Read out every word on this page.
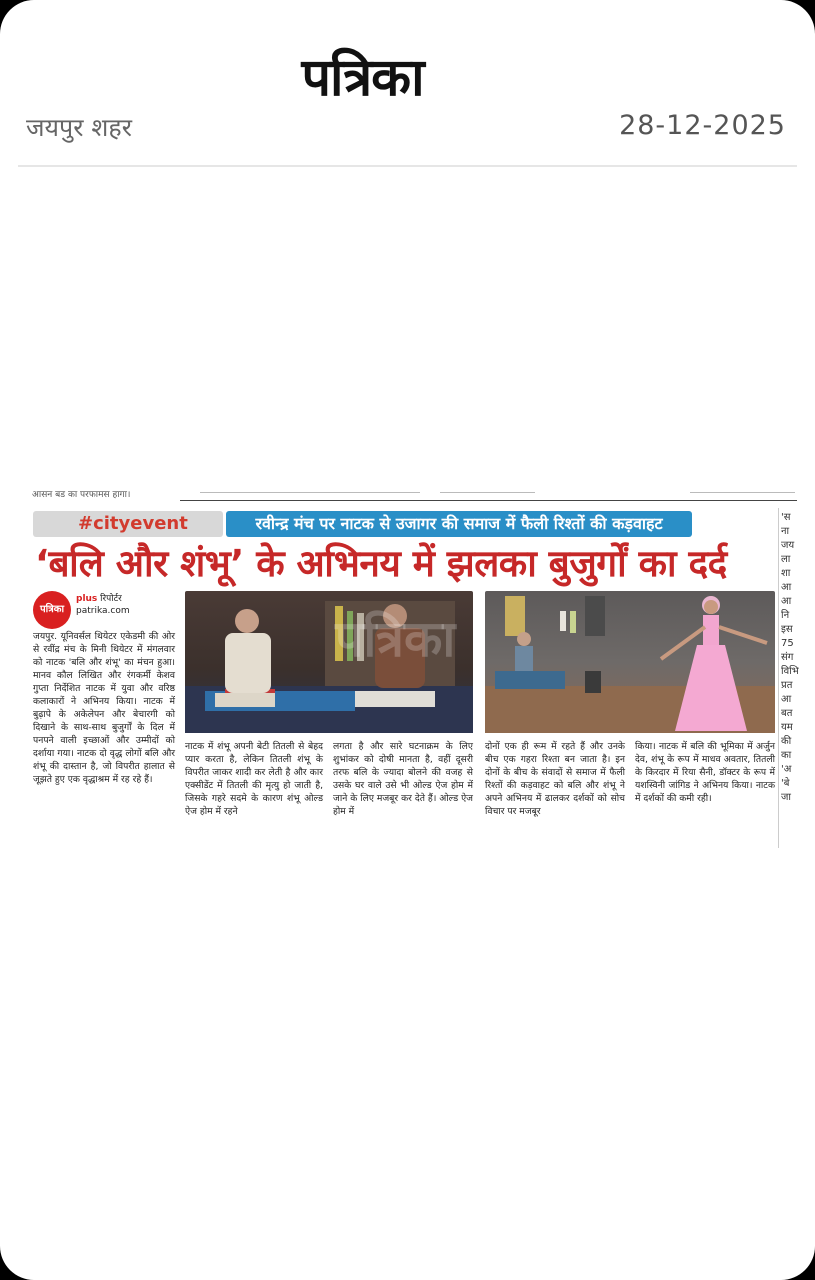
पत्रिका
जयपुर शहर	28-12-2025
आसन बड का परफामस हागा।
#cityevent	रवीन्द्र मंच पर नाटक से उजागर की समाज में फैली रिश्तों की कड़वाहट
‘बलि और शंभू’ के अभिनय में झलका बुजुर्गों का दर्द
पत्रिका
plus रिपोर्टर
patrika.com	पत्रिका
जयपुर. यूनिवर्सल थियेटर एकेडमी की ओर से रवींद्र मंच के मिनी थियेटर में मंगलवार को नाटक 'बलि और शंभू' का मंचन हुआ। मानव कौल लिखित और रंगकर्मी केशव गुप्ता निर्देशित नाटक में युवा और वरिष्ठ कलाकारों ने अभिनय किया। नाटक में बुढ़ापे के अकेलेपन और बेचारगी को दिखाने के साथ-साथ बुजुर्गों के दिल में पनपने वाली इच्छाओं और उम्मीदों को दर्शाया गया। नाटक दो वृद्ध लोगों बलि और शंभू की दास्तान है, जो विपरीत हालात से जूझते हुए एक वृद्धाश्रम में रह रहे हैं।
नाटक में शंभू अपनी बेटी तितली से बेहद प्यार करता है, लेकिन तितली शंभू के विपरीत जाकर शादी कर लेती है और कार एक्सीडेंट में तितली की मृत्यु हो जाती है, जिसके गहरे सदमे के कारण शंभू ओल्ड ऐज होम में रहने
लगता है और सारे घटनाक्रम के लिए शुभांकर को दोषी मानता है, वहीं दूसरी तरफ बलि के ज्यादा बोलने की वजह से उसके घर वाले उसे भी ओल्ड ऐज होम में जाने के लिए मजबूर कर देते हैं। ओल्ड ऐज होम में
दोनों एक ही रूम में रहते हैं और उनके बीच एक गहरा रिश्ता बन जाता है। इन दोनों के बीच के संवादों से समाज में फैली रिश्तों की कड़वाहट को बलि और शंभू ने अपने अभिनय में ढालकर दर्शकों को सोच विचार पर मजबूर
किया। नाटक में बलि की भूमिका में अर्जुन देव, शंभू के रूप में माधव अवतार, तितली के किरदार में रिया सैनी, डॉक्टर के रूप में यशस्विनी जांगिड ने अभिनय किया। नाटक में दर्शकों की कमी रही।
'स ना जय ला शा आ आ नि इस 75 संग विभि प्रत आ बत यम की का 'अ 'बे जा
